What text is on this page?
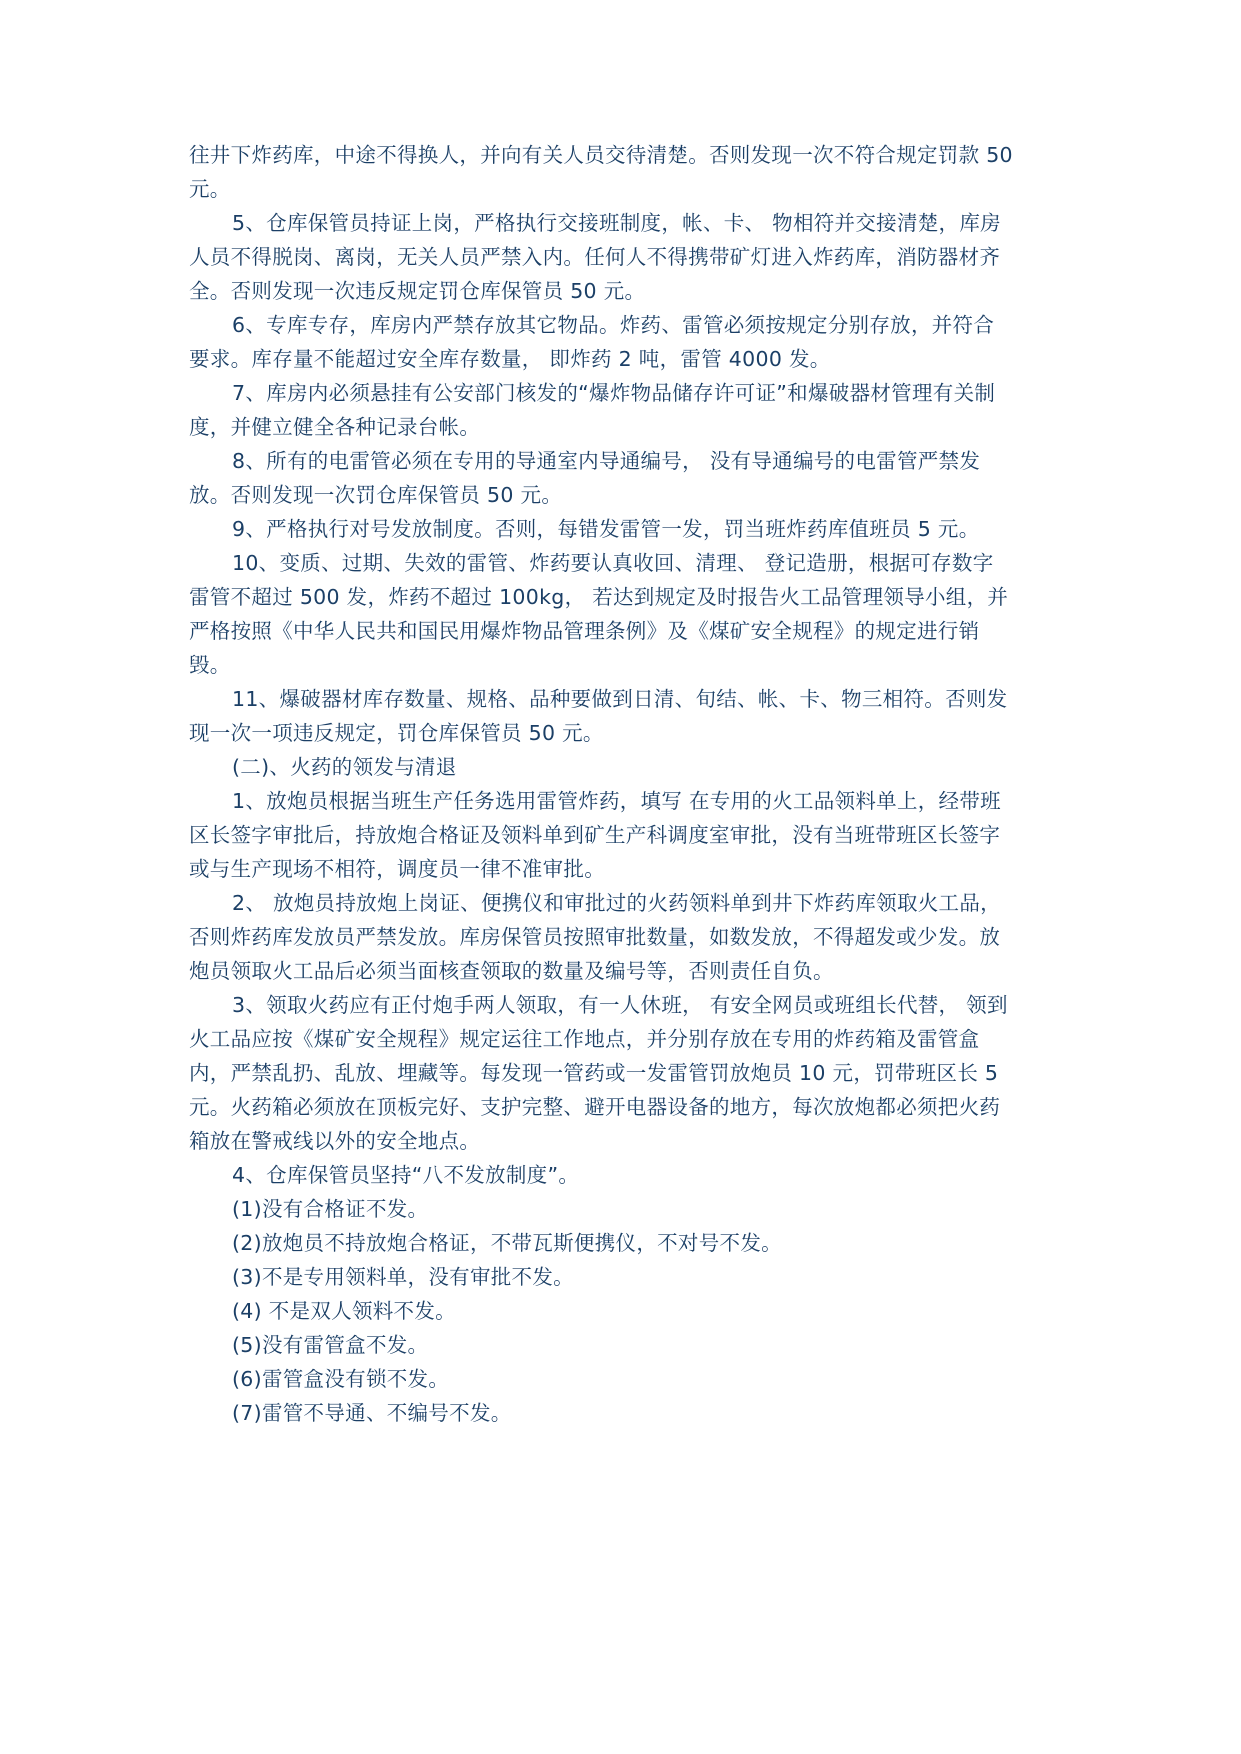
往井下炸药库，中途不得换人，并向有关人员交待清楚。否则发现一次不符合规定罚款 50
元。
5、仓库保管员持证上岗，严格执行交接班制度，帐、卡、 物相符并交接清楚，库房
人员不得脱岗、离岗，无关人员严禁入内。任何人不得携带矿灯进入炸药库，消防器材齐
全。否则发现一次违反规定罚仓库保管员 50 元。
6、专库专存，库房内严禁存放其它物品。炸药、雷管必须按规定分别存放，并符合
要求。库存量不能超过安全库存数量， 即炸药 2 吨，雷管 4000 发。
7、库房内必须悬挂有公安部门核发的“爆炸物品储存许可证”和爆破器材管理有关制
度，并健立健全各种记录台帐。
8、所有的电雷管必须在专用的导通室内导通编号， 没有导通编号的电雷管严禁发
放。否则发现一次罚仓库保管员 50 元。
9、严格执行对号发放制度。否则，每错发雷管一发，罚当班炸药库值班员 5 元。
10、变质、过期、失效的雷管、炸药要认真收回、清理、 登记造册，根据可存数字
雷管不超过 500 发，炸药不超过 100kg， 若达到规定及时报告火工品管理领导小组，并
严格按照《中华人民共和国民用爆炸物品管理条例》及《煤矿安全规程》的规定进行销
毁。
11、爆破器材库存数量、规格、品种要做到日清、旬结、帐、卡、物三相符。否则发
现一次一项违反规定，罚仓库保管员 50 元。
(二)、火药的领发与清退
1、放炮员根据当班生产任务选用雷管炸药，填写 在专用的火工品领料单上，经带班
区长签字审批后，持放炮合格证及领料单到矿生产科调度室审批，没有当班带班区长签字
或与生产现场不相符，调度员一律不准审批。
2、 放炮员持放炮上岗证、便携仪和审批过的火药领料单到井下炸药库领取火工品，
否则炸药库发放员严禁发放。库房保管员按照审批数量，如数发放，不得超发或少发。放
炮员领取火工品后必须当面核查领取的数量及编号等，否则责任自负。
3、领取火药应有正付炮手两人领取，有一人休班， 有安全网员或班组长代替， 领到
火工品应按《煤矿安全规程》规定运往工作地点，并分别存放在专用的炸药箱及雷管盒
内，严禁乱扔、乱放、埋藏等。每发现一管药或一发雷管罚放炮员 10 元，罚带班区长 5
元。火药箱必须放在顶板完好、支护完整、避开电器设备的地方，每次放炮都必须把火药
箱放在警戒线以外的安全地点。
4、仓库保管员坚持“八不发放制度”。
(1)没有合格证不发。
(2)放炮员不持放炮合格证，不带瓦斯便携仪，不对号不发。
(3)不是专用领料单，没有审批不发。
(4) 不是双人领料不发。
(5)没有雷管盒不发。
(6)雷管盒没有锁不发。
(7)雷管不导通、不编号不发。
